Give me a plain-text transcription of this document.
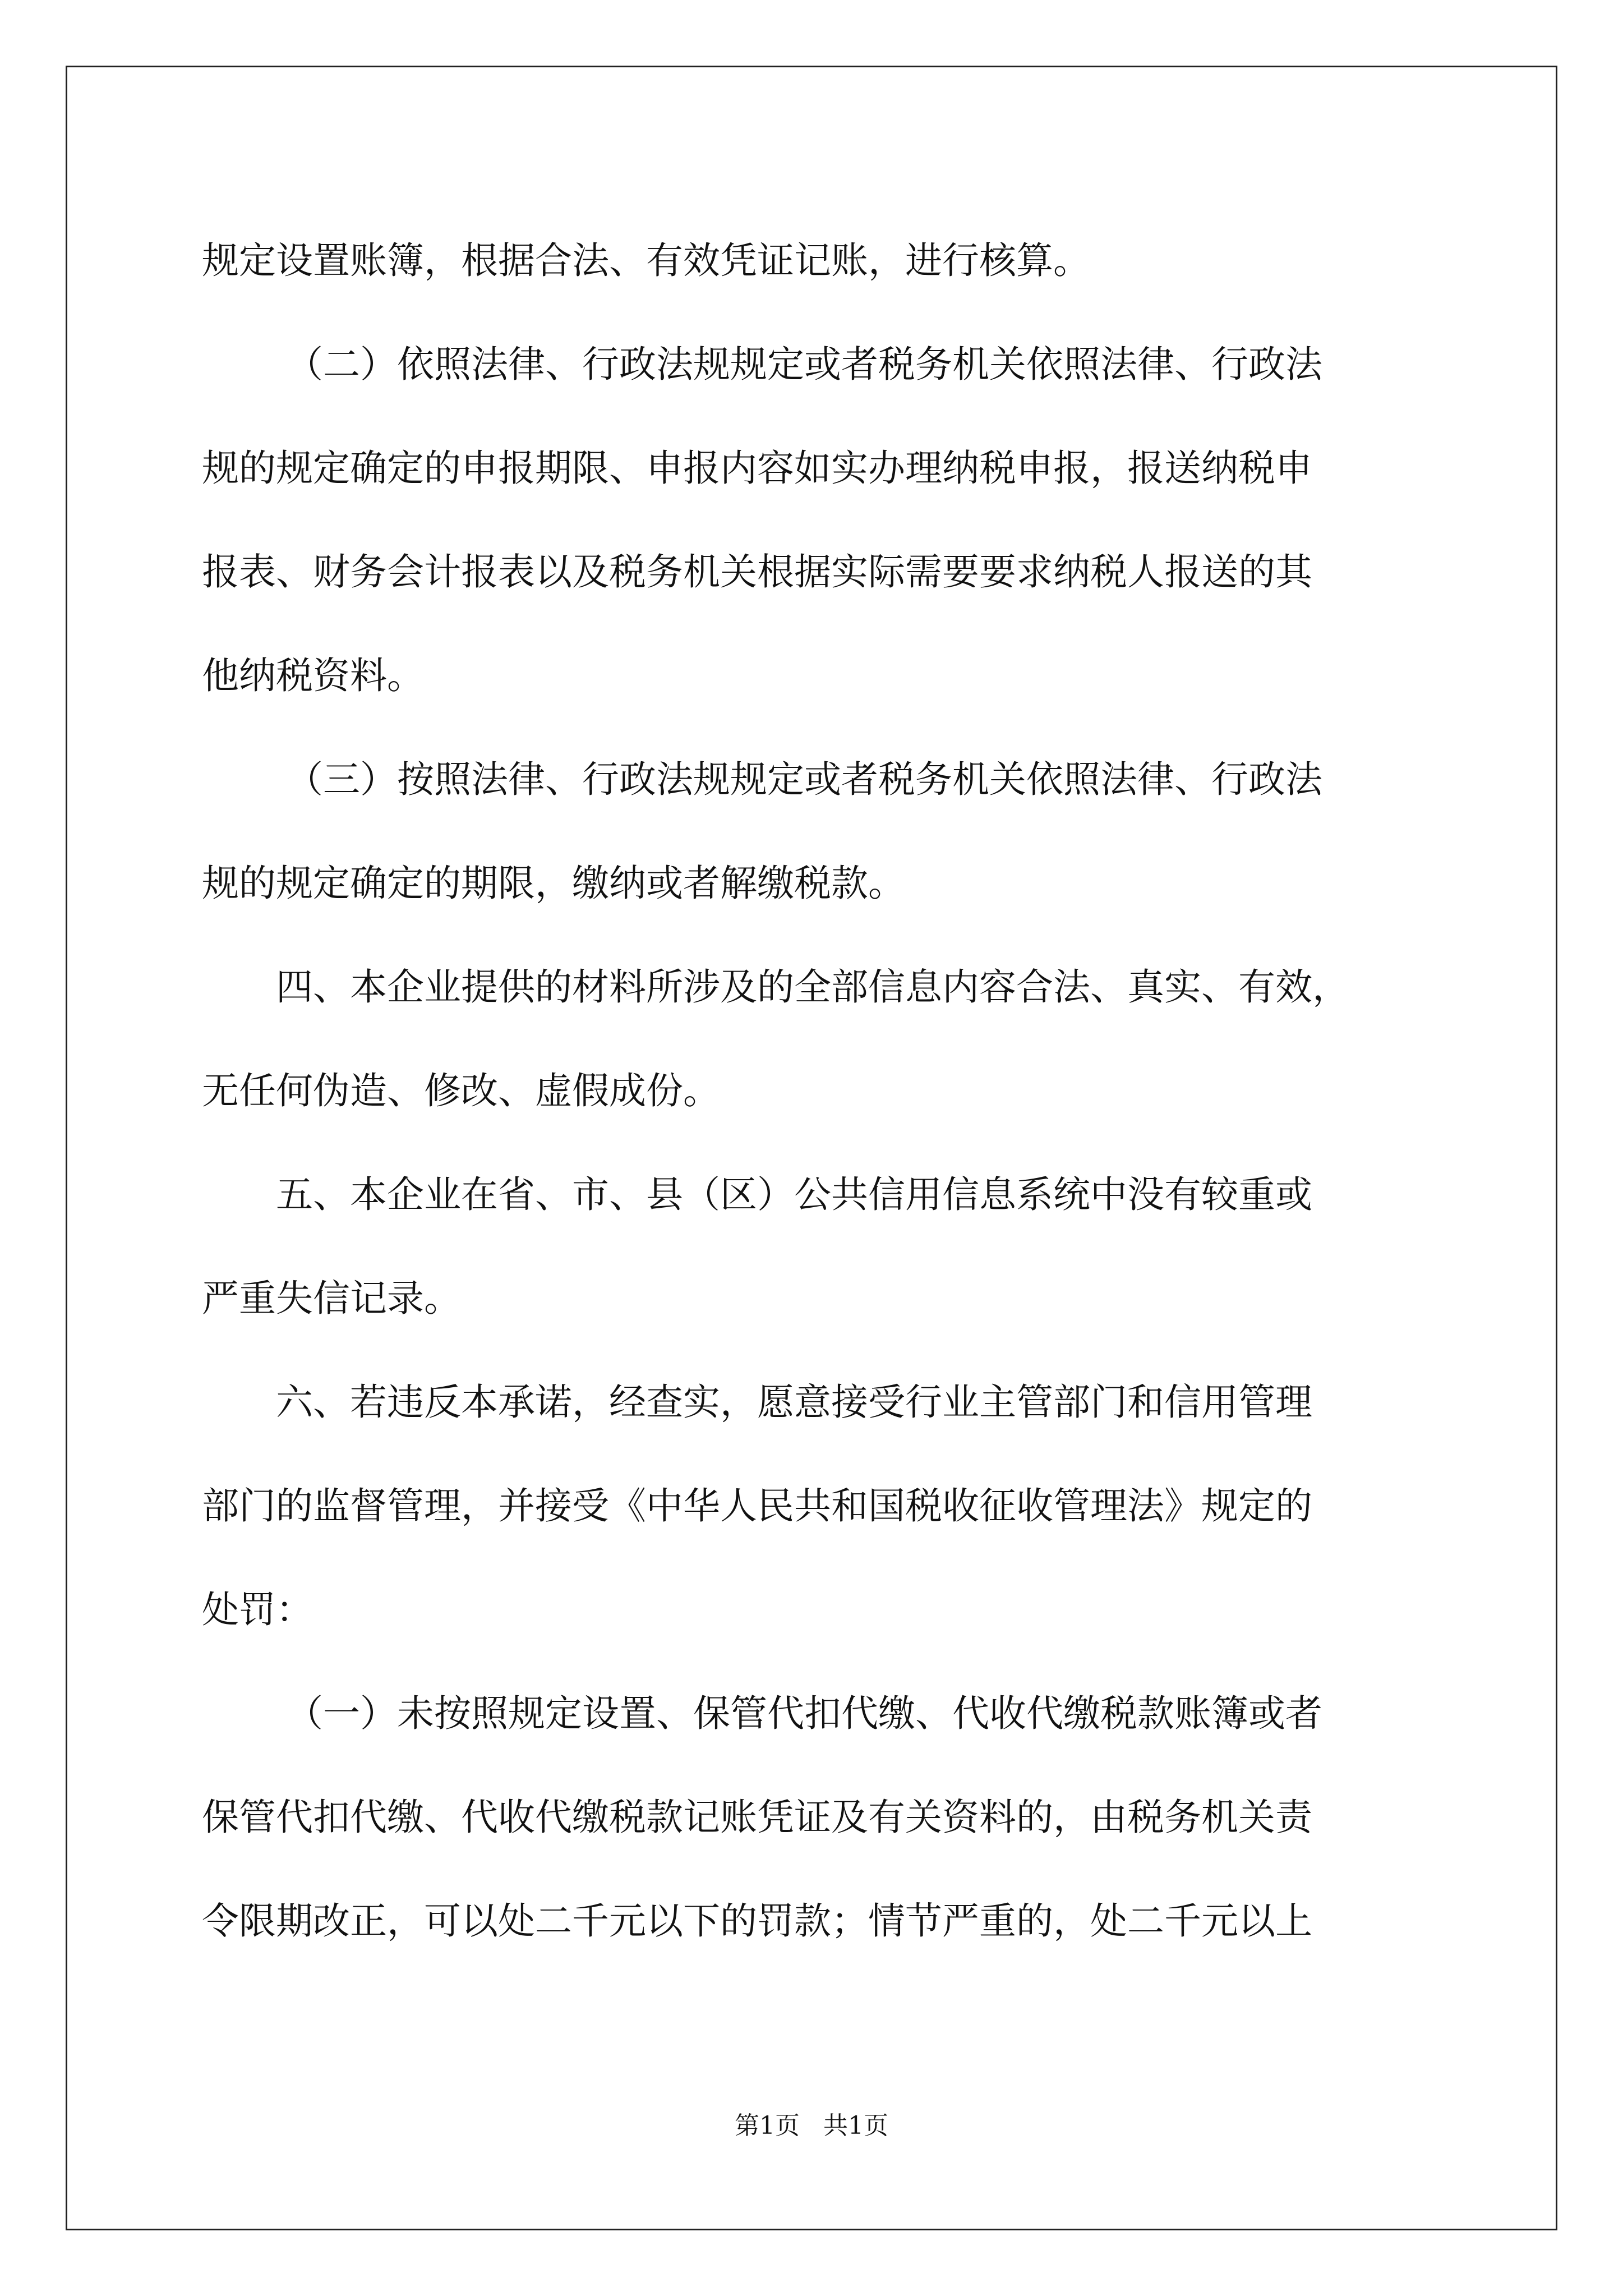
规定设置账簿，根据合法、有效凭证记账，进行核算。
（二）依照法律、行政法规规定或者税务机关依照法律、行政法
规的规定确定的申报期限、申报内容如实办理纳税申报，报送纳税申
报表、财务会计报表以及税务机关根据实际需要要求纳税人报送的其
他纳税资料。
（三）按照法律、行政法规规定或者税务机关依照法律、行政法
规的规定确定的期限，缴纳或者解缴税款。
四、本企业提供的材料所涉及的全部信息内容合法、真实、有效，
无任何伪造、修改、虚假成份。
五、本企业在省、市、县（区）公共信用信息系统中没有较重或
严重失信记录。
六、若违反本承诺，经查实，愿意接受行业主管部门和信用管理
部门的监督管理，并接受《中华人民共和国税收征收管理法》规定的
处罚：
（一）未按照规定设置、保管代扣代缴、代收代缴税款账簿或者
保管代扣代缴、代收代缴税款记账凭证及有关资料的，由税务机关责
令限期改正，可以处二千元以下的罚款；情节严重的，处二千元以上
第1页   共1页
